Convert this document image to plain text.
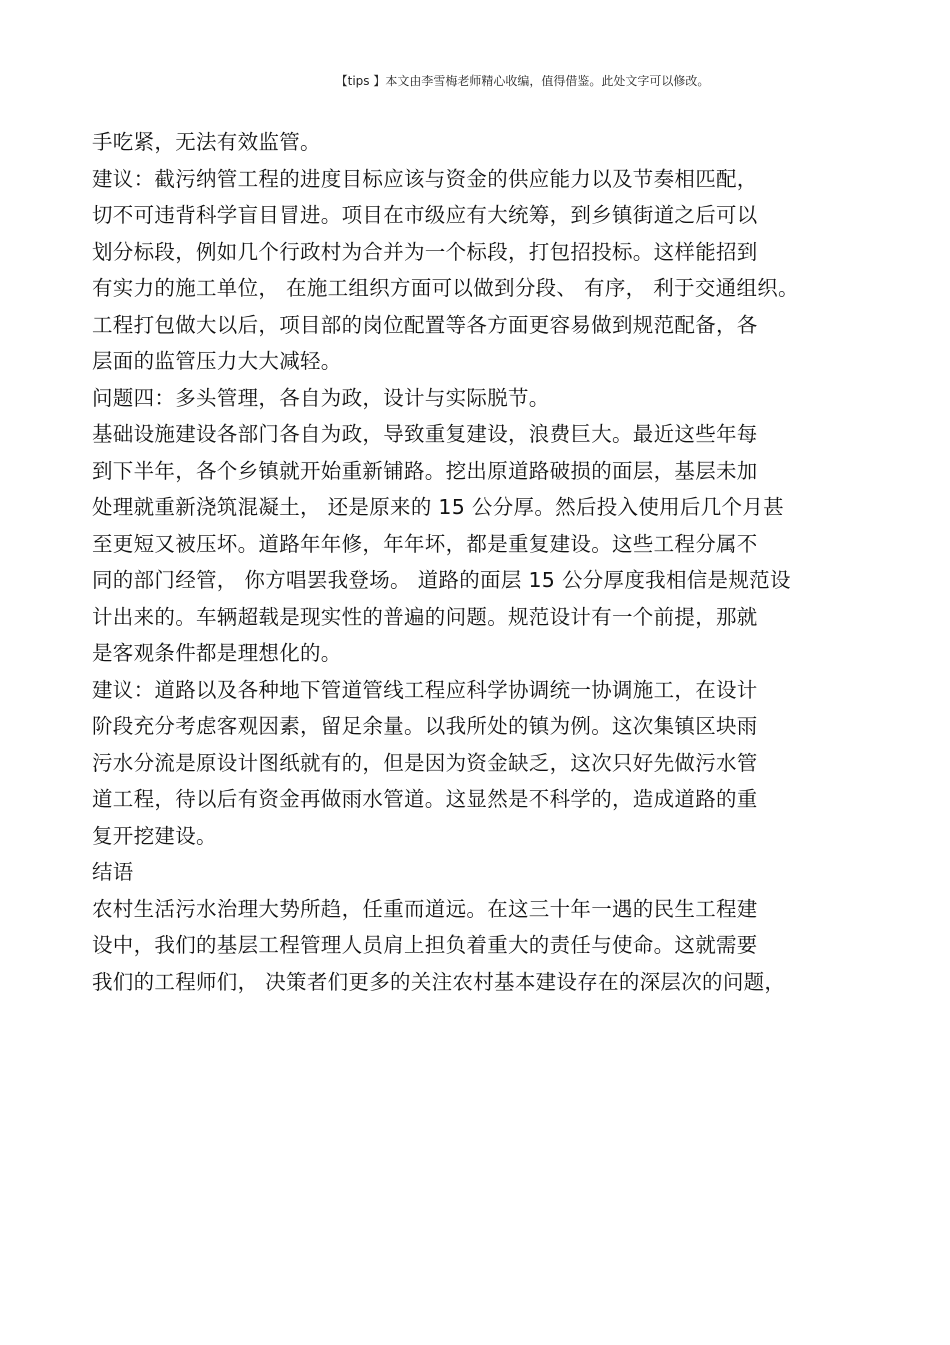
【tips 】本文由李雪梅老师精心收编，值得借鉴。此处文字可以修改。
手吃紧，无法有效监管。
建议：截污纳管工程的进度目标应该与资金的供应能力以及节奏相匹配，
切不可违背科学盲目冒进。项目在市级应有大统筹，到乡镇街道之后可以
划分标段，例如几个行政村为合并为一个标段，打包招投标。这样能招到
有实力的施工单位， 在施工组织方面可以做到分段、 有序， 利于交通组织。
工程打包做大以后，项目部的岗位配置等各方面更容易做到规范配备，各
层面的监管压力大大减轻。
问题四：多头管理，各自为政，设计与实际脱节。
基础设施建设各部门各自为政，导致重复建设，浪费巨大。最近这些年每
到下半年，各个乡镇就开始重新铺路。挖出原道路破损的面层，基层未加
处理就重新浇筑混凝土， 还是原来的 15 公分厚。然后投入使用后几个月甚
至更短又被压坏。道路年年修，年年坏，都是重复建设。这些工程分属不
同的部门经管， 你方唱罢我登场。 道路的面层 15 公分厚度我相信是规范设
计出来的。车辆超载是现实性的普遍的问题。规范设计有一个前提，那就
是客观条件都是理想化的。
建议：道路以及各种地下管道管线工程应科学协调统一协调施工，在设计
阶段充分考虑客观因素，留足余量。以我所处的镇为例。这次集镇区块雨
污水分流是原设计图纸就有的，但是因为资金缺乏，这次只好先做污水管
道工程，待以后有资金再做雨水管道。这显然是不科学的，造成道路的重
复开挖建设。
结语
农村生活污水治理大势所趋，任重而道远。在这三十年一遇的民生工程建
设中，我们的基层工程管理人员肩上担负着重大的责任与使命。这就需要
我们的工程师们， 决策者们更多的关注农村基本建设存在的深层次的问题，
